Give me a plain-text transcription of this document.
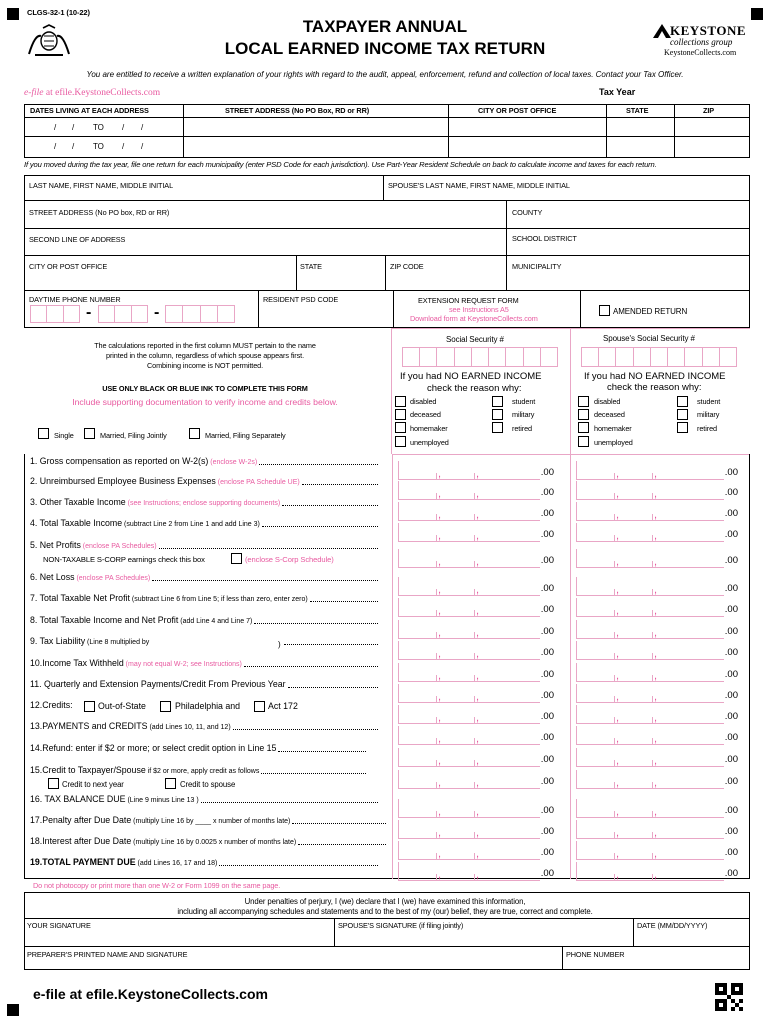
CLGS-32-1 (10-22)
TAXPAYER ANNUAL
LOCAL EARNED INCOME TAX RETURN
KEYSTONE
collections group
KeystoneCollects.com
You are entitled to receive a written explanation of your rights with regard to the audit, appeal, enforcement, refund and collection of local taxes. Contact your Tax Officer.
e-file at efile.KeystoneCollects.com	Tax Year
DATES LIVING AT EACH ADDRESS	STREET ADDRESS (No PO Box, RD or RR)	CITY OR POST OFFICE	STATE	ZIP
/ / TO / /
/ / TO / /
If you moved during the tax year, file one return for each municipality (enter PSD Code for each jurisdiction). Use Part-Year Resident Schedule on back to calculate income and taxes for each return.
LAST NAME, FIRST NAME, MIDDLE INITIAL	SPOUSE'S LAST NAME, FIRST NAME, MIDDLE INITIAL
STREET ADDRESS (No PO box, RD or RR)	COUNTY
SECOND LINE OF ADDRESS	SCHOOL DISTRICT
CITY OR POST OFFICE	STATE	ZIP CODE	MUNICIPALITY
DAYTIME PHONE NUMBER
-	-
RESIDENT PSD CODE	EXTENSION REQUEST FORM
see Instructions A5
Download form at KeystoneCollects.com
AMENDED RETURN
The calculations reported in the first column MUST pertain to the name
printed in the column, regardless of which spouse appears first.
Combining income is NOT permitted.
USE ONLY BLACK OR BLUE INK TO COMPLETE THIS FORM
Include supporting documentation to verify income and credits below.
Single	Married, Filing Jointly	Married, Filing Separately
Social Security #	Spouse's Social Security #
If you had NO EARNED INCOME
check the reason why:
If you had NO EARNED INCOME
check the reason why:
disabled	student
deceased	military
homemaker	retired
unemployed
disabled	student
deceased	military
homemaker	retired
unemployed
1. Gross compensation as reported on W-2(s) (enclose W-2s)
,	,	.00	,	,	.00
2. Unreimbursed Employee Business Expenses (enclose PA Schedule UE)
,	,	.00	,	,	.00
3. Other Taxable Income (see Instructions; enclose supporting documents)
,	,	.00	,	,	.00
4. Total Taxable Income (subtract Line 2 from Line 1 and add Line 3)
,	,	.00	,	,	.00
5. Net Profits (enclose PA Schedules)
,	,	.00	,	,	.00
6. Net Loss (enclose PA Schedules)
,	,	.00	,	,	.00
7. Total Taxable Net Profit (subtract Line 6 from Line 5; if less than zero, enter zero)
,	,	.00	,	,	.00
8. Total Taxable Income and Net Profit (add Line 4 and Line 7)
,	,	.00	,	,	.00
9. Tax Liability (Line 8 multiplied by
,	,	.00	,	,	.00
10.Income Tax Withheld (may not equal W-2; see Instructions)
,	,	.00	,	,	.00
11. Quarterly and Extension Payments/Credit From Previous Year
,	,	.00	,	,	.00
12.Credits:
,	,	.00	,	,	.00
13.PAYMENTS and CREDITS (add Lines 10, 11, and 12)
,	,	.00	,	,	.00
14.Refund: enter if $2 or more; or select credit option in Line 15
,	,	.00	,	,	.00
15.Credit to Taxpayer/Spouse if $2 or more, apply credit as follows
,	,	.00	,	,	.00
16. TAX BALANCE DUE (Line 9 minus Line 13 )
,	,	.00	,	,	.00
17.Penalty after Due Date (multiply Line 16 by ____ x number of months late)
,	,	.00	,	,	.00
18.Interest after Due Date (multiply Line 16 by 0.0025 x number of months late)
,	,	.00	,	,	.00
19.TOTAL PAYMENT DUE (add Lines 16, 17 and 18)
,	,	.00	,	,	.00
NON-TAXABLE S-CORP earnings check this box	(enclose S-Corp Schedule)
)
Out-of-State	Philadelphia and	Act 172
Credit to next year	Credit to spouse
Do not photocopy or print more than one W-2 or Form 1099 on the same page.
Under penalties of perjury, I (we) declare that I (we) have examined this information,
including all accompanying schedules and statements and to the best of my (our) belief, they are true, correct and complete.
YOUR SIGNATURE	SPOUSE'S SIGNATURE (if filing jointly)	DATE (MM/DD/YYYY)
PREPARER'S PRINTED NAME AND SIGNATURE	PHONE NUMBER
e-file at efile.KeystoneCollects.com
